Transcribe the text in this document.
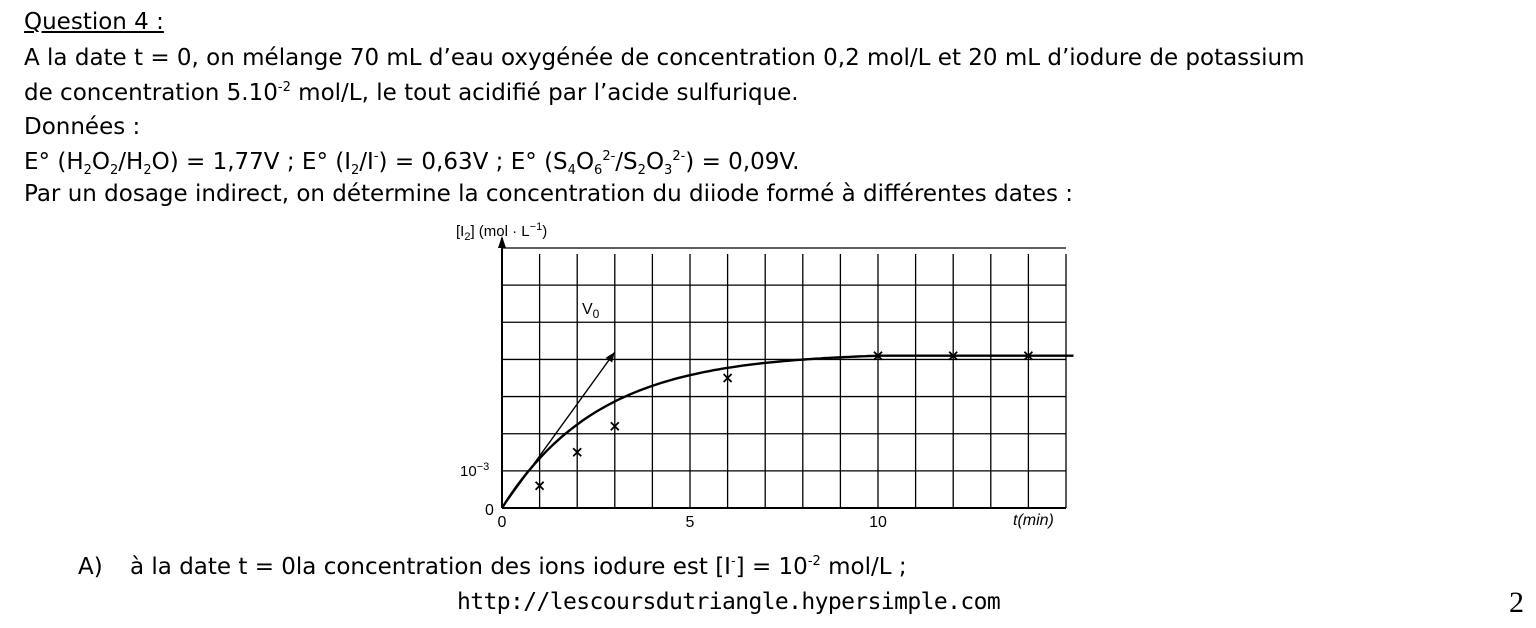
Question 4 :
A la date t = 0, on mélange 70 mL d’eau oxygénée de concentration 0,2 mol/L et 20 mL d’iodure de potassium
de concentration $5.10^{-2}$ mol/L, le tout acidifié par l’acide sulfurique.
Données :
E° $(H_2O_2/H_2O) = 1,77V$ ; E° $(I_2/I^-) = 0,63V$ ; E° $(S_4O_6^{2-}/S_2O_3^{2-}) = 0,09V$.
Par un dosage indirect, on détermine la concentration du diiode formé à différentes dates :
0	5	10
$[I_2] (mol \cdot L^{-1})$
$10^{-3}$
0
t(min)
$V_0$
A) à la date t = 0la concentration des ions iodure est $[I^-] = 10^{-2}$ mol/L ;
http://lescoursdutriangle.hypersimple.com	2
